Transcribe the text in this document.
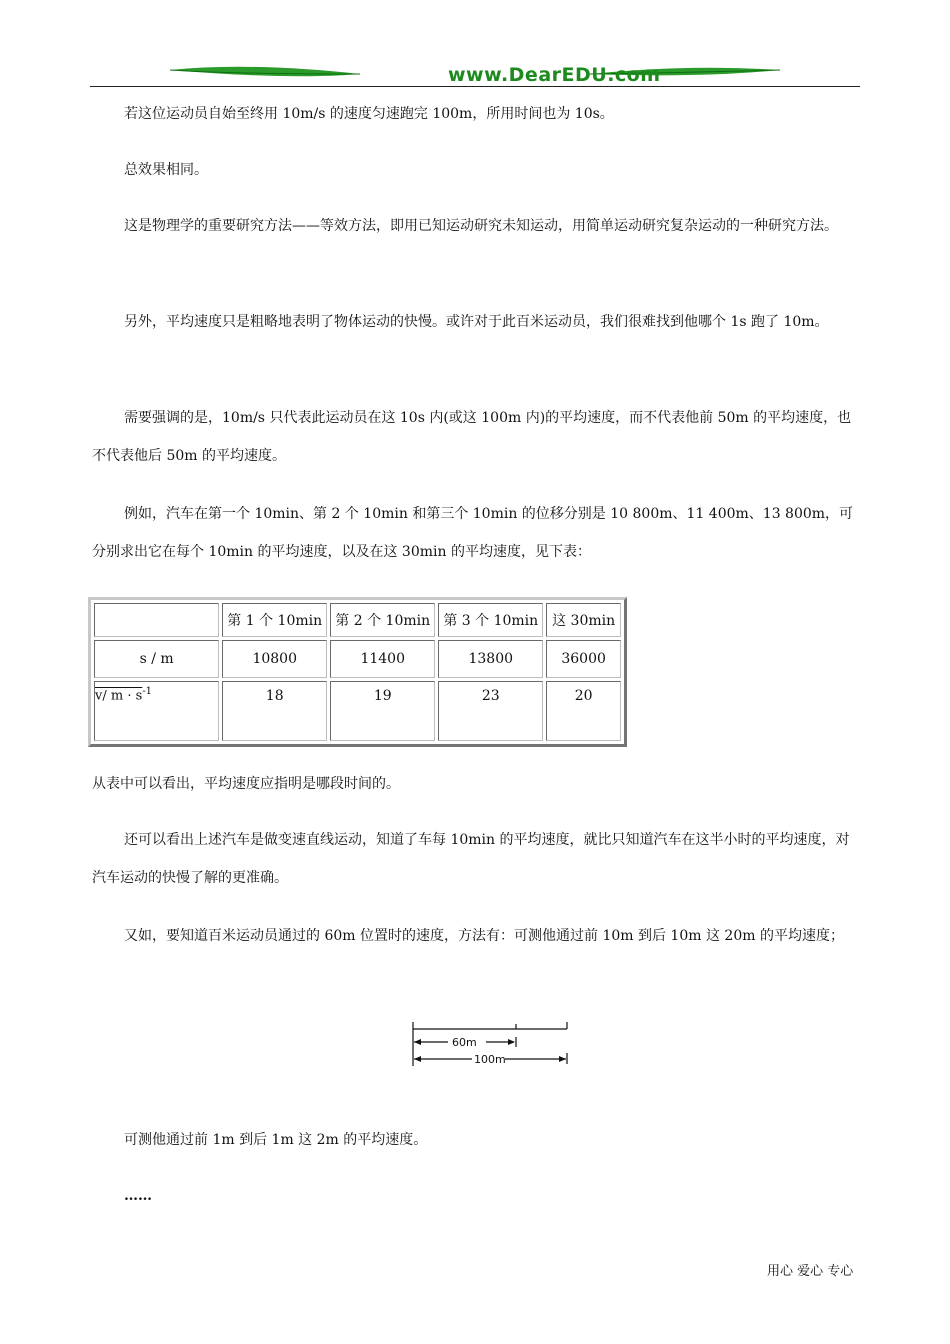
www.DearEDU.com

若这位运动员自始至终用 10m/s 的速度匀速跑完 100m，所用时间也为 10s。

总效果相同。

这是物理学的重要研究方法——等效方法，即用已知运动研究未知运动，用简单运动研究复杂运动的一种研究方法。

另外，平均速度只是粗略地表明了物体运动的快慢。或许对于此百米运动员，我们很难找到他哪个 1s 跑了 10m。

需要强调的是，10m/s 只代表此运动员在这 10s 内(或这 100m 内)的平均速度，而不代表他前 50m 的平均速度，也不代表他后 50m 的平均速度。

例如，汽车在第一个 10min、第 2 个 10min 和第三个 10min 的位移分别是 10 800m、11 400m、13 800m，可分别求出它在每个 10min 的平均速度，以及在这 30min 的平均速度，见下表：

	第 1 个 10min	第 2 个 10min	第 3 个 10min	这 30min
s / m	10800	11400	13800	36000
v/ $m \cdot s^{-1}$	18	19	23	20

从表中可以看出，平均速度应指明是哪段时间的。

还可以看出上述汽车是做变速直线运动，知道了车每 10min 的平均速度，就比只知道汽车在这半小时的平均速度，对汽车运动的快慢了解的更准确。

又如，要知道百米运动员通过的 60m 位置时的速度，方法有：可测他通过前 10m 到后 10m 这 20m 的平均速度；

60m
100m

可测他通过前 1m 到后 1m 这 2m 的平均速度。

……

用心 爱心 专心
